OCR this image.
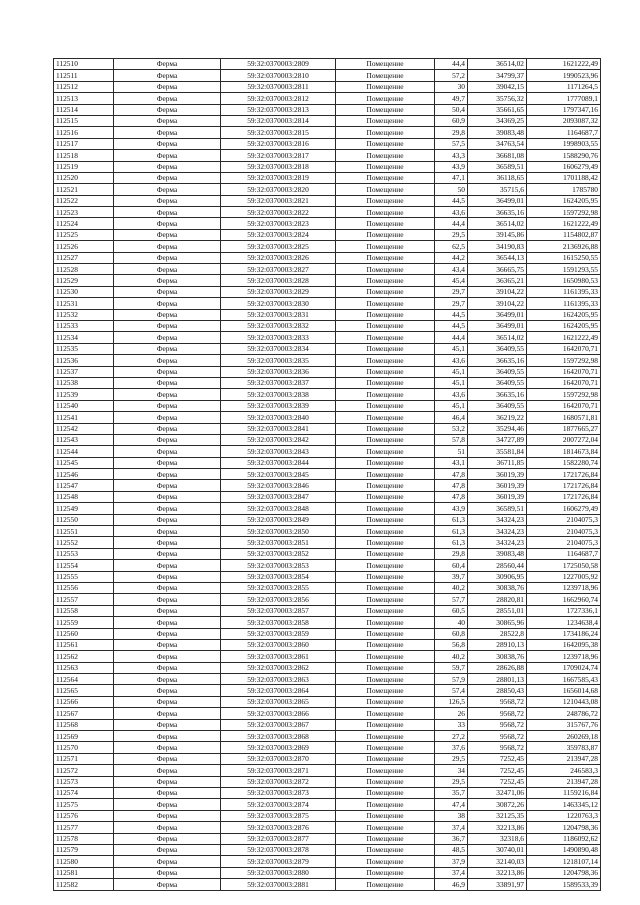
112510	Ферма	59:32:0370003:2809	Помещение	44,4	36514,02	1621222,49
112511	Ферма	59:32:0370003:2810	Помещение	57,2	34799,37	1990523,96
112512	Ферма	59:32:0370003:2811	Помещение	30	39042,15	1171264,5
112513	Ферма	59:32:0370003:2812	Помещение	49,7	35756,32	1777089,1
112514	Ферма	59:32:0370003:2813	Помещение	50,4	35661,65	1797347,16
112515	Ферма	59:32:0370003:2814	Помещение	60,9	34369,25	2093087,32
112516	Ферма	59:32:0370003:2815	Помещение	29,8	39083,48	1164687,7
112517	Ферма	59:32:0370003:2816	Помещение	57,5	34763,54	1998903,55
112518	Ферма	59:32:0370003:2817	Помещение	43,3	36681,08	1588290,76
112519	Ферма	59:32:0370003:2818	Помещение	43,9	36589,51	1606279,49
112520	Ферма	59:32:0370003:2819	Помещение	47,1	36118,65	1701188,42
112521	Ферма	59:32:0370003:2820	Помещение	50	35715,6	1785780
112522	Ферма	59:32:0370003:2821	Помещение	44,5	36499,01	1624205,95
112523	Ферма	59:32:0370003:2822	Помещение	43,6	36635,16	1597292,98
112524	Ферма	59:32:0370003:2823	Помещение	44,4	36514,02	1621222,49
112525	Ферма	59:32:0370003:2824	Помещение	29,5	39145,86	1154802,87
112526	Ферма	59:32:0370003:2825	Помещение	62,5	34190,83	2136926,88
112527	Ферма	59:32:0370003:2826	Помещение	44,2	36544,13	1615250,55
112528	Ферма	59:32:0370003:2827	Помещение	43,4	36665,75	1591293,55
112529	Ферма	59:32:0370003:2828	Помещение	45,4	36365,21	1650980,53
112530	Ферма	59:32:0370003:2829	Помещение	29,7	39104,22	1161395,33
112531	Ферма	59:32:0370003:2830	Помещение	29,7	39104,22	1161395,33
112532	Ферма	59:32:0370003:2831	Помещение	44,5	36499,01	1624205,95
112533	Ферма	59:32:0370003:2832	Помещение	44,5	36499,01	1624205,95
112534	Ферма	59:32:0370003:2833	Помещение	44,4	36514,02	1621222,49
112535	Ферма	59:32:0370003:2834	Помещение	45,1	36409,55	1642070,71
112536	Ферма	59:32:0370003:2835	Помещение	43,6	36635,16	1597292,98
112537	Ферма	59:32:0370003:2836	Помещение	45,1	36409,55	1642070,71
112538	Ферма	59:32:0370003:2837	Помещение	45,1	36409,55	1642070,71
112539	Ферма	59:32:0370003:2838	Помещение	43,6	36635,16	1597292,98
112540	Ферма	59:32:0370003:2839	Помещение	45,1	36409,55	1642070,71
112541	Ферма	59:32:0370003:2840	Помещение	46,4	36219,22	1680571,81
112542	Ферма	59:32:0370003:2841	Помещение	53,2	35294,46	1877665,27
112543	Ферма	59:32:0370003:2842	Помещение	57,8	34727,89	2007272,04
112544	Ферма	59:32:0370003:2843	Помещение	51	35581,84	1814673,84
112545	Ферма	59:32:0370003:2844	Помещение	43,1	36711,85	1582280,74
112546	Ферма	59:32:0370003:2845	Помещение	47,8	36019,39	1721726,84
112547	Ферма	59:32:0370003:2846	Помещение	47,8	36019,39	1721726,84
112548	Ферма	59:32:0370003:2847	Помещение	47,8	36019,39	1721726,84
112549	Ферма	59:32:0370003:2848	Помещение	43,9	36589,51	1606279,49
112550	Ферма	59:32:0370003:2849	Помещение	61,3	34324,23	2104075,3
112551	Ферма	59:32:0370003:2850	Помещение	61,3	34324,23	2104075,3
112552	Ферма	59:32:0370003:2851	Помещение	61,3	34324,23	2104075,3
112553	Ферма	59:32:0370003:2852	Помещение	29,8	39083,48	1164687,7
112554	Ферма	59:32:0370003:2853	Помещение	60,4	28560,44	1725050,58
112555	Ферма	59:32:0370003:2854	Помещение	39,7	30906,95	1227005,92
112556	Ферма	59:32:0370003:2855	Помещение	40,2	30838,76	1239718,96
112557	Ферма	59:32:0370003:2856	Помещение	57,7	28820,81	1662960,74
112558	Ферма	59:32:0370003:2857	Помещение	60,5	28551,01	1727336,1
112559	Ферма	59:32:0370003:2858	Помещение	40	30865,96	1234638,4
112560	Ферма	59:32:0370003:2859	Помещение	60,8	28522,8	1734186,24
112561	Ферма	59:32:0370003:2860	Помещение	56,8	28910,13	1642095,38
112562	Ферма	59:32:0370003:2861	Помещение	40,2	30838,76	1239718,96
112563	Ферма	59:32:0370003:2862	Помещение	59,7	28626,88	1709024,74
112564	Ферма	59:32:0370003:2863	Помещение	57,9	28801,13	1667585,43
112565	Ферма	59:32:0370003:2864	Помещение	57,4	28850,43	1656014,68
112566	Ферма	59:32:0370003:2865	Помещение	126,5	9568,72	1210443,08
112567	Ферма	59:32:0370003:2866	Помещение	26	9568,72	248786,72
112568	Ферма	59:32:0370003:2867	Помещение	33	9568,72	315767,76
112569	Ферма	59:32:0370003:2868	Помещение	27,2	9568,72	260269,18
112570	Ферма	59:32:0370003:2869	Помещение	37,6	9568,72	359783,87
112571	Ферма	59:32:0370003:2870	Помещение	29,5	7252,45	213947,28
112572	Ферма	59:32:0370003:2871	Помещение	34	7252,45	246583,3
112573	Ферма	59:32:0370003:2872	Помещение	29,5	7252,45	213947,28
112574	Ферма	59:32:0370003:2873	Помещение	35,7	32471,06	1159216,84
112575	Ферма	59:32:0370003:2874	Помещение	47,4	30872,26	1463345,12
112576	Ферма	59:32:0370003:2875	Помещение	38	32125,35	1220763,3
112577	Ферма	59:32:0370003:2876	Помещение	37,4	32213,86	1204798,36
112578	Ферма	59:32:0370003:2877	Помещение	36,7	32318,6	1186092,62
112579	Ферма	59:32:0370003:2878	Помещение	48,5	30740,01	1490890,48
112580	Ферма	59:32:0370003:2879	Помещение	37,9	32140,03	1218107,14
112581	Ферма	59:32:0370003:2880	Помещение	37,4	32213,86	1204798,36
112582	Ферма	59:32:0370003:2881	Помещение	46,9	33891,97	1589533,39
